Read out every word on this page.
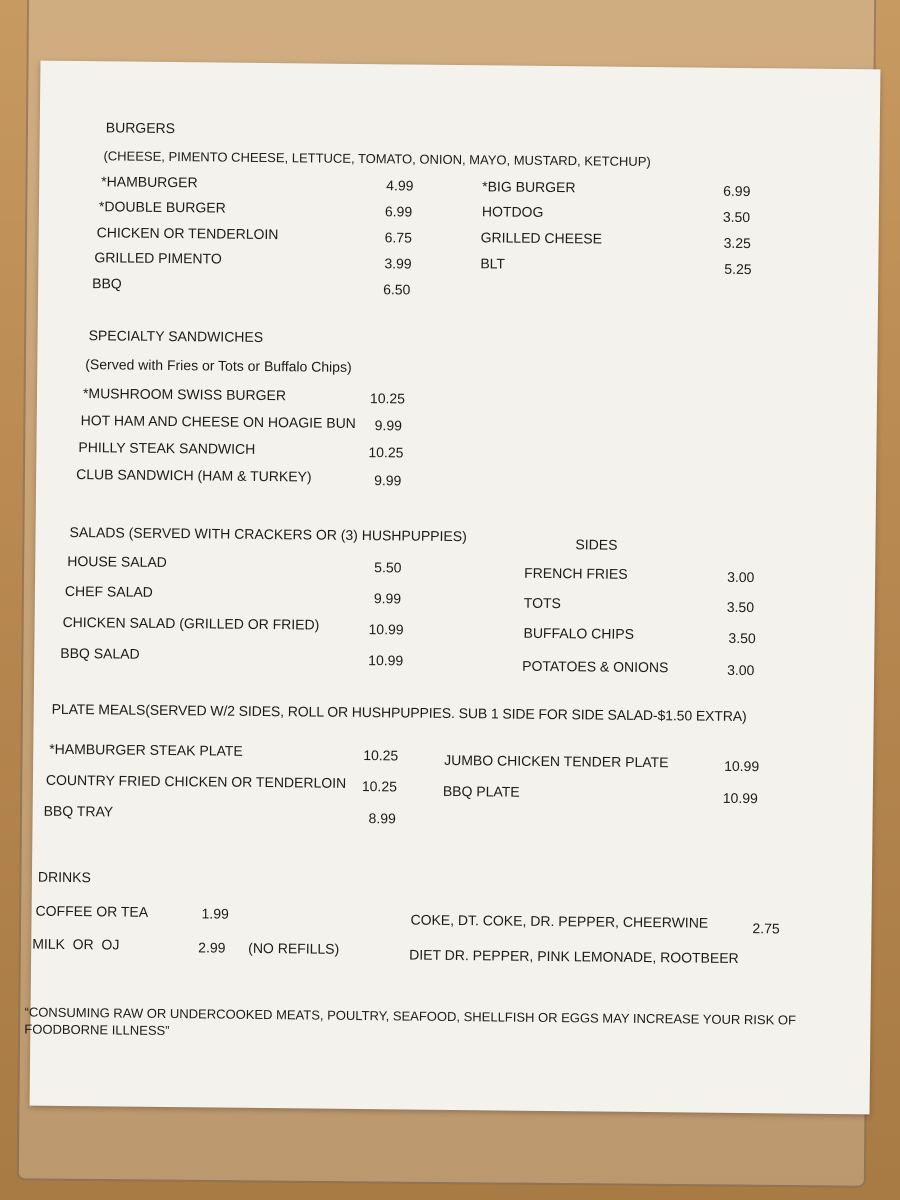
BURGERS
(CHEESE, PIMENTO CHEESE, LETTUCE, TOMATO, ONION, MAYO, MUSTARD, KETCHUP)
*HAMBURGER	4.99
*DOUBLE BURGER	6.99
CHICKEN OR TENDERLOIN	6.75
GRILLED PIMENTO	3.99
BBQ	6.50
*BIG BURGER	6.99
HOTDOG	3.50
GRILLED CHEESE	3.25
BLT	5.25
SPECIALTY SANDWICHES
(Served with Fries or Tots or Buffalo Chips)
*MUSHROOM SWISS BURGER	10.25
HOT HAM AND CHEESE ON HOAGIE BUN 9.99
PHILLY STEAK SANDWICH	10.25
CLUB SANDWICH (HAM & TURKEY)	9.99
SALADS (SERVED WITH CRACKERS OR (3) HUSHPUPPIES)
HOUSE SALAD	5.50
CHEF SALAD	9.99
CHICKEN SALAD (GRILLED OR FRIED)	10.99
BBQ SALAD	10.99
SIDES
FRENCH FRIES	3.00
TOTS	3.50
BUFFALO CHIPS	3.50
POTATOES & ONIONS	3.00
PLATE MEALS(SERVED W/2 SIDES, ROLL OR HUSHPUPPIES. SUB 1 SIDE FOR SIDE SALAD-$1.50 EXTRA)
*HAMBURGER STEAK PLATE	10.25
COUNTRY FRIED CHICKEN OR TENDERLOIN 10.25
BBQ TRAY	8.99
JUMBO CHICKEN TENDER PLATE	10.99
BBQ PLATE	10.99
DRINKS
COFFEE OR TEA	1.99
MILK  OR  OJ	2.99 (NO REFILLS)
COKE, DT. COKE, DR. PEPPER, CHEERWINE	2.75
DIET DR. PEPPER, PINK LEMONADE, ROOTBEER
“CONSUMING RAW OR UNDERCOOKED MEATS, POULTRY, SEAFOOD, SHELLFISH OR EGGS MAY INCREASE YOUR RISK OF FOODBORNE ILLNESS”
